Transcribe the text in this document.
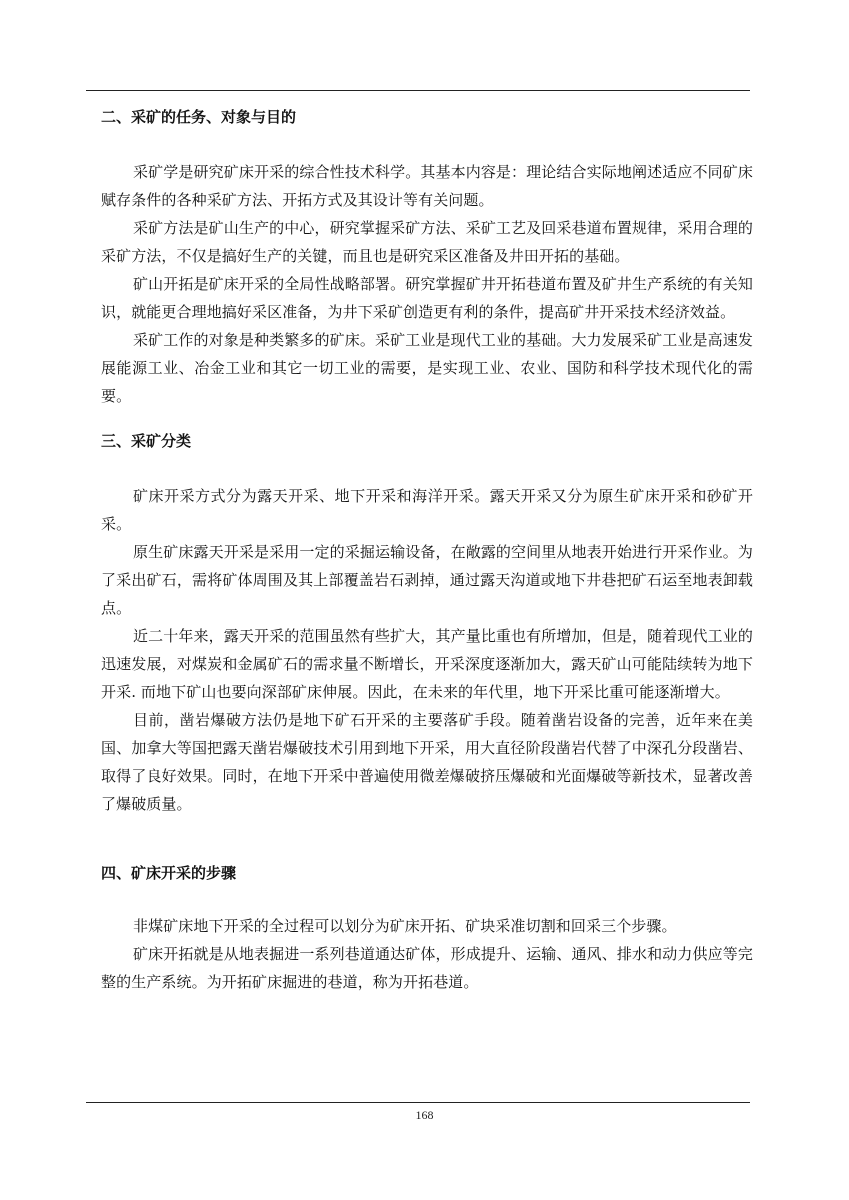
二、采矿的任务、对象与目的

采矿学是研究矿床开采的综合性技术科学。其基本内容是：理论结合实际地阐述适应不同矿床赋存条件的各种采矿方法、开拓方式及其设计等有关问题。

采矿方法是矿山生产的中心，研究掌握采矿方法、采矿工艺及回采巷道布置规律，采用合理的采矿方法，不仅是搞好生产的关键，而且也是研究采区准备及井田开拓的基础。

矿山开拓是矿床开采的全局性战略部署。研究掌握矿井开拓巷道布置及矿井生产系统的有关知识，就能更合理地搞好采区准备，为井下采矿创造更有利的条件，提高矿井开采技术经济效益。

采矿工作的对象是种类繁多的矿床。采矿工业是现代工业的基础。大力发展采矿工业是高速发展能源工业、冶金工业和其它一切工业的需要，是实现工业、农业、国防和科学技术现代化的需要。

三、采矿分类

矿床开采方式分为露天开采、地下开采和海洋开采。露天开采又分为原生矿床开采和砂矿开采。

原生矿床露天开采是采用一定的采掘运输设备，在敞露的空间里从地表开始进行开采作业。为了采出矿石，需将矿体周围及其上部覆盖岩石剥掉，通过露天沟道或地下井巷把矿石运至地表卸载点。

近二十年来，露天开采的范围虽然有些扩大，其产量比重也有所增加，但是，随着现代工业的迅速发展，对煤炭和金属矿石的需求量不断增长，开采深度逐渐加大，露天矿山可能陆续转为地下开采. 而地下矿山也要向深部矿床伸展。因此，在未来的年代里，地下开采比重可能逐渐增大。

目前，凿岩爆破方法仍是地下矿石开采的主要落矿手段。随着凿岩设备的完善，近年来在美国、加拿大等国把露天凿岩爆破技术引用到地下开采，用大直径阶段凿岩代替了中深孔分段凿岩、取得了良好效果。同时，在地下开采中普遍使用微差爆破挤压爆破和光面爆破等新技术，显著改善了爆破质量。

四、矿床开采的步骤

非煤矿床地下开采的全过程可以划分为矿床开拓、矿块采准切割和回采三个步骤。

矿床开拓就是从地表掘进一系列巷道通达矿体，形成提升、运输、通风、排水和动力供应等完整的生产系统。为开拓矿床掘进的巷道，称为开拓巷道。

168
